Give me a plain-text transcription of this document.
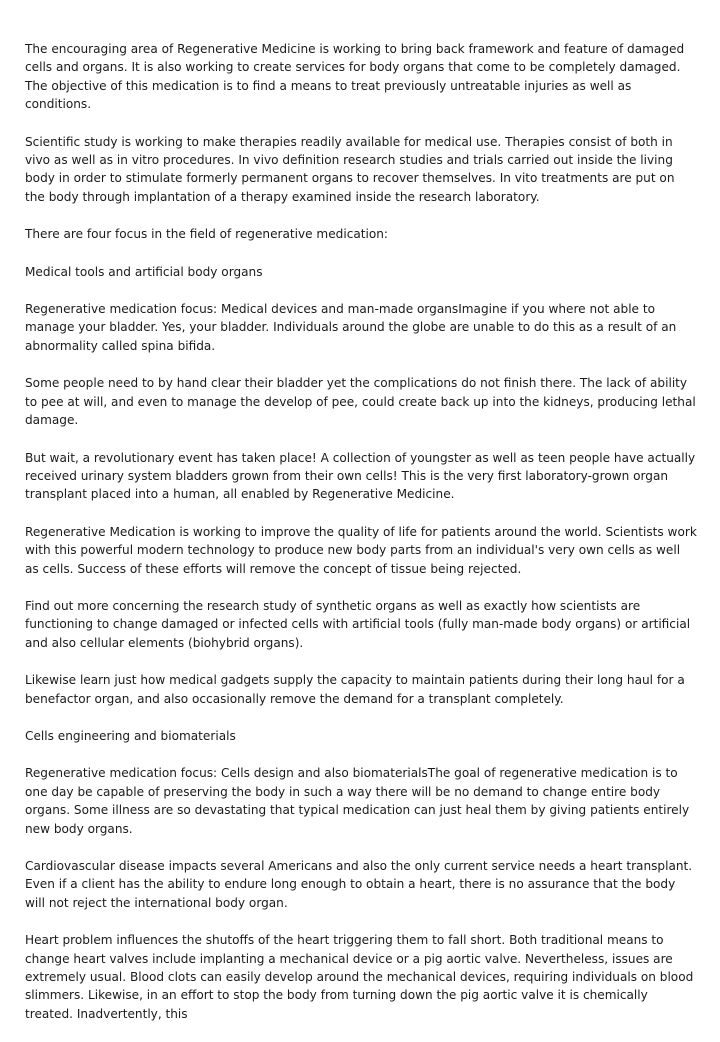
The encouraging area of Regenerative Medicine is working to bring back framework and feature of damaged cells and organs. It is also working to create services for body organs that come to be completely damaged. The objective of this medication is to find a means to treat previously untreatable injuries as well as conditions.

Scientific study is working to make therapies readily available for medical use. Therapies consist of both in vivo as well as in vitro procedures. In vivo definition research studies and trials carried out inside the living body in order to stimulate formerly permanent organs to recover themselves. In vito treatments are put on the body through implantation of a therapy examined inside the research laboratory.

There are four focus in the field of regenerative medication:

Medical tools and artificial body organs

Regenerative medication focus: Medical devices and man-made organsImagine if you where not able to manage your bladder. Yes, your bladder. Individuals around the globe are unable to do this as a result of an abnormality called spina bifida.

Some people need to by hand clear their bladder yet the complications do not finish there. The lack of ability to pee at will, and even to manage the develop of pee, could create back up into the kidneys, producing lethal damage.

But wait, a revolutionary event has taken place! A collection of youngster as well as teen people have actually received urinary system bladders grown from their own cells! This is the very first laboratory-grown organ transplant placed into a human, all enabled by Regenerative Medicine.

Regenerative Medication is working to improve the quality of life for patients around the world. Scientists work with this powerful modern technology to produce new body parts from an individual's very own cells as well as cells. Success of these efforts will remove the concept of tissue being rejected.

Find out more concerning the research study of synthetic organs as well as exactly how scientists are functioning to change damaged or infected cells with artificial tools (fully man-made body organs) or artificial and also cellular elements (biohybrid organs).

Likewise learn just how medical gadgets supply the capacity to maintain patients during their long haul for a benefactor organ, and also occasionally remove the demand for a transplant completely.

Cells engineering and biomaterials

Regenerative medication focus: Cells design and also biomaterialsThe goal of regenerative medication is to one day be capable of preserving the body in such a way there will be no demand to change entire body organs. Some illness are so devastating that typical medication can just heal them by giving patients entirely new body organs.

Cardiovascular disease impacts several Americans and also the only current service needs a heart transplant. Even if a client has the ability to endure long enough to obtain a heart, there is no assurance that the body will not reject the international body organ.

Heart problem influences the shutoffs of the heart triggering them to fall short. Both traditional means to change heart valves include implanting a mechanical device or a pig aortic valve. Nevertheless, issues are extremely usual. Blood clots can easily develop around the mechanical devices, requiring individuals on blood slimmers. Likewise, in an effort to stop the body from turning down the pig aortic valve it is chemically treated. Inadvertently, this
